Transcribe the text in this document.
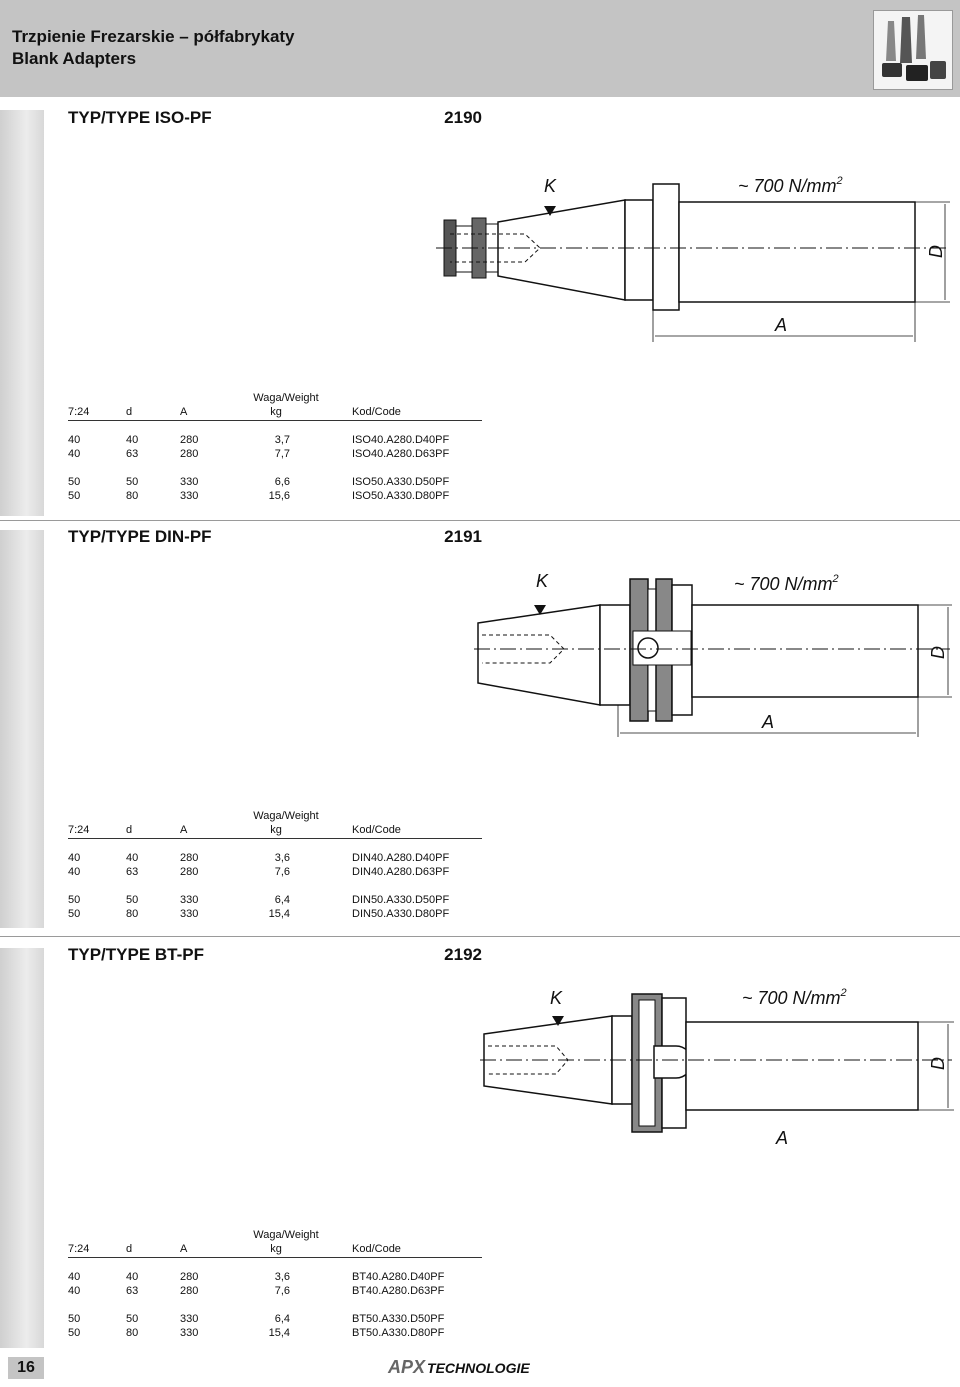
Trzpienie Frezarskie – półfabrykaty
Blank Adapters
TYP/TYPE ISO-PF	2190
K	~ 700 $N/mm^2$
A
D
Waga/Weight
7:24	d	A	kg	Kod/Code
40	40	280	3,7	ISO40.A280.D40PF
40	63	280	7,7	ISO40.A280.D63PF
50	50	330	6,6	ISO50.A330.D50PF
50	80	330	15,6	ISO50.A330.D80PF
TYP/TYPE DIN-PF	2191
K	~ 700 $N/mm^2$
A
D
Waga/Weight
7:24	d	A	kg	Kod/Code
40	40	280	3,6	DIN40.A280.D40PF
40	63	280	7,6	DIN40.A280.D63PF
50	50	330	6,4	DIN50.A330.D50PF
50	80	330	15,4	DIN50.A330.D80PF
TYP/TYPE BT-PF	2192
K	~ 700 $N/mm^2$
A
D
Waga/Weight
7:24	d	A	kg	Kod/Code
40	40	280	3,6	BT40.A280.D40PF
40	63	280	7,6	BT40.A280.D63PF
50	50	330	6,4	BT50.A330.D50PF
50	80	330	15,4	BT50.A330.D80PF
16	APX TECHNOLOGIE
